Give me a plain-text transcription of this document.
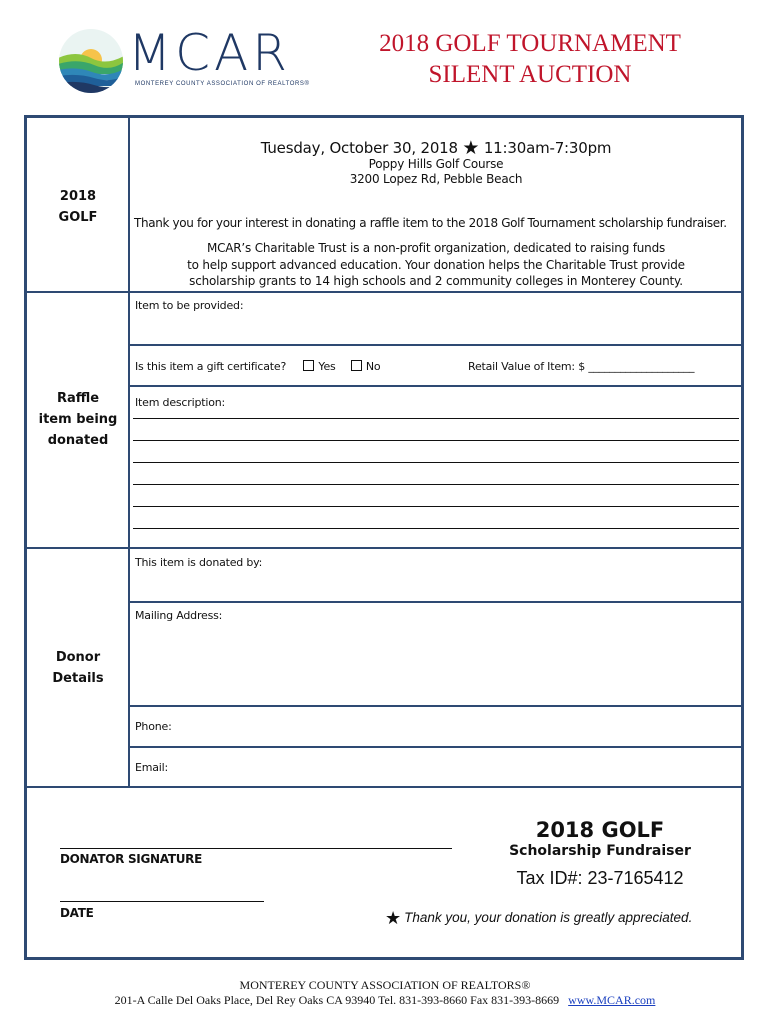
MCAR
MONTEREY COUNTY ASSOCIATION OF REALTORS®
2018 GOLF TOURNAMENT
SILENT AUCTION
2018
GOLF
Tuesday, October 30, 2018 ★ 11:30am-7:30pm
Poppy Hills Golf Course
3200 Lopez Rd, Pebble Beach
Thank you for your interest in donating a raffle item to the 2018 Golf Tournament scholarship fundraiser.
MCAR’s Charitable Trust is a non-profit organization, dedicated to raising funds
to help support advanced education. Your donation helps the Charitable Trust provide
scholarship grants to 14 high schools and 2 community colleges in Monterey County.
Raffle
item being
donated
Item to be provided:
Is this item a gift certificate?	Yes	No	Retail Value of Item: $ ____________________
Item description:
Donor
Details
This item is donated by:
Mailing Address:
Phone:
Email:
DONATOR SIGNATURE
DATE
2018 GOLF
Scholarship Fundraiser
Tax ID#: 23-7165412
★ Thank you, your donation is greatly appreciated.
MONTEREY COUNTY ASSOCIATION OF REALTORS®
201-A Calle Del Oaks Place, Del Rey Oaks CA 93940 Tel. 831-393-8660 Fax 831-393-8669 www.MCAR.com
